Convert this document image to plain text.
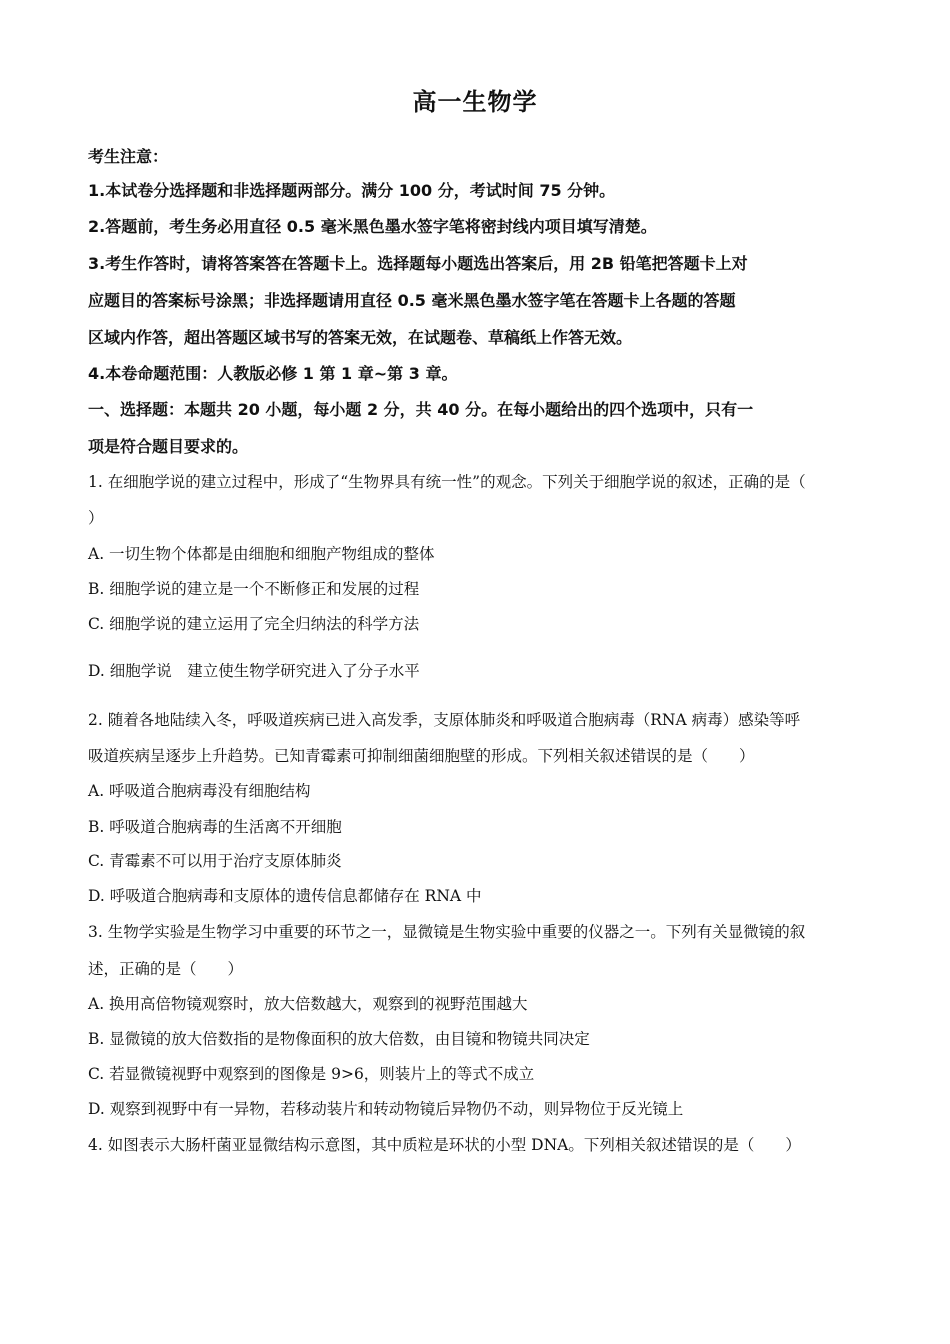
高一生物学
考生注意：
1.本试卷分选择题和非选择题两部分。满分 100 分，考试时间 75 分钟。
2.答题前，考生务必用直径 0.5 毫米黑色墨水签字笔将密封线内项目填写清楚。
3.考生作答时，请将答案答在答题卡上。选择题每小题选出答案后，用 2B 铅笔把答题卡上对
应题目的答案标号涂黑；非选择题请用直径 0.5 毫米黑色墨水签字笔在答题卡上各题的答题
区域内作答，超出答题区域书写的答案无效，在试题卷、草稿纸上作答无效。
4.本卷命题范围：人教版必修 1 第 1 章~第 3 章。
一、选择题：本题共 20 小题，每小题 2 分，共 40 分。在每小题给出的四个选项中，只有一
项是符合题目要求的。
1. 在细胞学说的建立过程中，形成了“生物界具有统一性”的观念。下列关于细胞学说的叙述，正确的是（
）
A. 一切生物个体都是由细胞和细胞产物组成的整体
B. 细胞学说的建立是一个不断修正和发展的过程
C. 细胞学说的建立运用了完全归纳法的科学方法
D. 细胞学说　建立使生物学研究进入了分子水平
2. 随着各地陆续入冬，呼吸道疾病已进入高发季，支原体肺炎和呼吸道合胞病毒（RNA 病毒）感染等呼
吸道疾病呈逐步上升趋势。已知青霉素可抑制细菌细胞壁的形成。下列相关叙述错误的是（　　）
A. 呼吸道合胞病毒没有细胞结构
B. 呼吸道合胞病毒的生活离不开细胞
C. 青霉素不可以用于治疗支原体肺炎
D. 呼吸道合胞病毒和支原体的遗传信息都储存在 RNA 中
3. 生物学实验是生物学习中重要的环节之一，显微镜是生物实验中重要的仪器之一。下列有关显微镜的叙
述，正确的是（　　）
A. 换用高倍物镜观察时，放大倍数越大，观察到的视野范围越大
B. 显微镜的放大倍数指的是物像面积的放大倍数，由目镜和物镜共同决定
C. 若显微镜视野中观察到的图像是 9>6，则装片上的等式不成立
D. 观察到视野中有一异物，若移动装片和转动物镜后异物仍不动，则异物位于反光镜上
4. 如图表示大肠杆菌亚显微结构示意图，其中质粒是环状的小型 DNA。下列相关叙述错误的是（　　）
